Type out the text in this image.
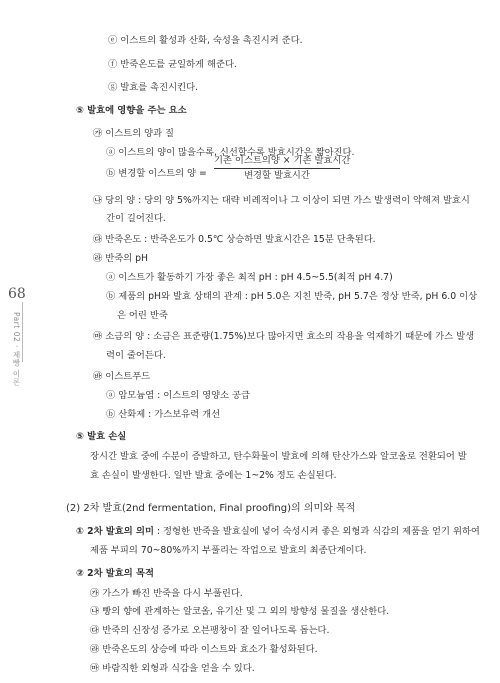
68
Part 02 · 제빵 이론
ⓔ 이스트의 활성과 산화, 숙성을 촉진시켜 준다.
ⓕ 반죽온도를 균일하게 해준다.
ⓖ 발효를 촉진시킨다.
⑤ 발효에 영향을 주는 요소
㉮ 이스트의 양과 질
ⓐ 이스트의 양이 많을수록, 신선할수록 발효시간은 짧아진다.
ⓑ 변경할 이스트의 양 =
기존 이스트의양 × 기존 발효시간
변경할 발효시간
㉯ 당의 양 : 당의 양 5%까지는 대략 비례적이나 그 이상이 되면 가스 발생력이 약해져 발효시
간이 길어진다.
㉰ 반죽온도 : 반죽온도가 0.5℃ 상승하면 발효시간은 15분 단축된다.
㉱ 반죽의 pH
ⓐ 이스트가 활동하기 가장 좋은 최적 pH : pH 4.5~5.5(최적 pH 4.7)
ⓑ 제품의 pH와 발효 상태의 관계 : pH 5.0은 지친 반죽, pH 5.7은 정상 반죽, pH 6.0 이상
은 어린 반죽
㉲ 소금의 양 : 소금은 표준량(1.75%)보다 많아지면 효소의 작용을 억제하기 때문에 가스 발생
력이 줄어든다.
㉳ 이스트푸드
ⓐ 암모늄염 : 이스트의 영양소 공급
ⓑ 산화제 : 가스보유력 개선
⑤ 발효 손실
장시간 발효 중에 수분이 증발하고, 탄수화물이 발효에 의해 탄산가스와 알코올로 전환되어 발
효 손실이 발생한다. 일반 발효 중에는 1~2% 정도 손실된다.
(2) 2차 발효(2nd fermentation, Final proofing)의 의미와 목적
① 2차 발효의 의미 : 정형한 반죽을 발효실에 넣어 숙성시켜 좋은 외형과 식감의 제품을 얻기 위하여
제품 부피의 70~80%까지 부풀리는 작업으로 발효의 최종단계이다.
② 2차 발효의 목적
㉮ 가스가 빠진 반죽을 다시 부풀린다.
㉯ 빵의 향에 관계하는 알코올, 유기산 및 그 외의 방향성 물질을 생산한다.
㉰ 반죽의 신장성 증가로 오븐팽창이 잘 일어나도록 돕는다.
㉱ 반죽온도의 상승에 따라 이스트와 효소가 활성화된다.
㉲ 바람직한 외형과 식감을 얻을 수 있다.
